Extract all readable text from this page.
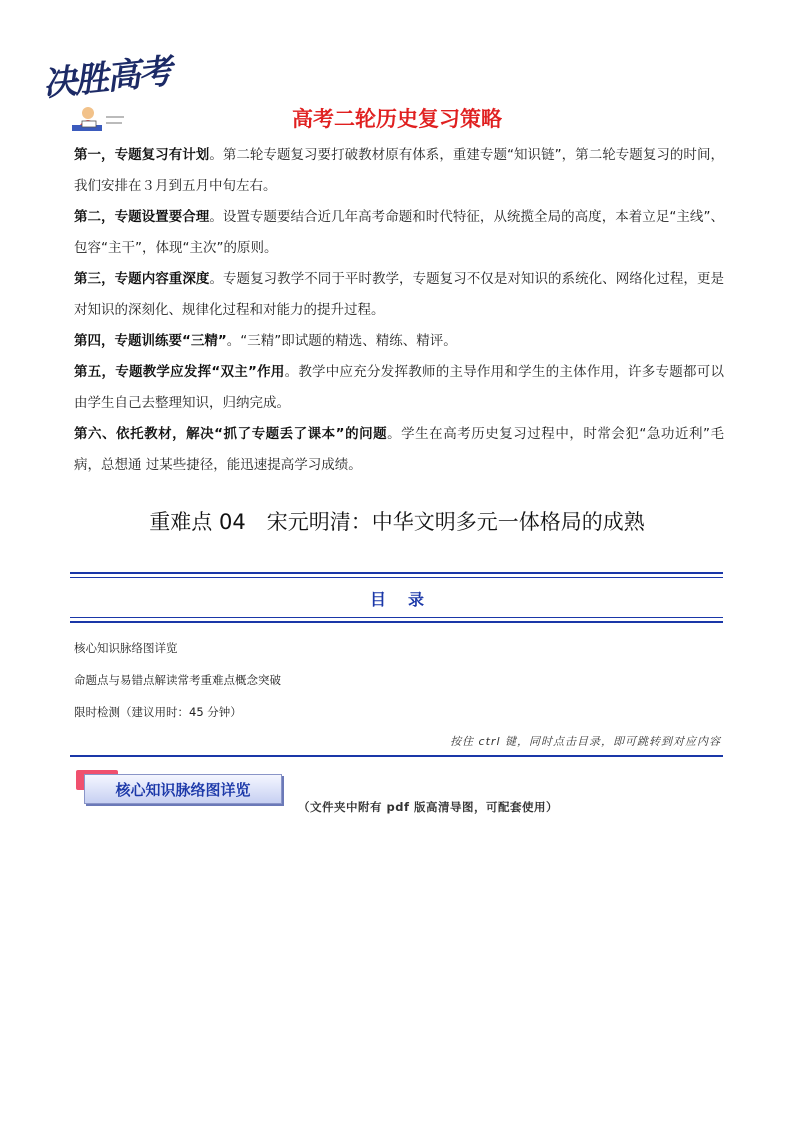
决胜高考
高考二轮历史复习策略

第一，专题复习有计划。第二轮专题复习要打破教材原有体系，重建专题“知识链”，第二轮专题复习的时间，我们安排在３月到五月中旬左右。

第二，专题设置要合理。设置专题要结合近几年高考命题和时代特征，从统揽全局的高度，本着立足“主线”、包容“主干”，体现“主次”的原则。

第三，专题内容重深度。专题复习教学不同于平时教学，专题复习不仅是对知识的系统化、网络化过程，更是对知识的深刻化、规律化过程和对能力的提升过程。

第四，专题训练要“三精”。“三精”即试题的精选、精练、精评。

第五，专题教学应发挥“双主”作用。教学中应充分发挥教师的主导作用和学生的主体作用，许多专题都可以由学生自己去整理知识，归纳完成。

第六、依托教材，解决“抓了专题丢了课本”的问题。学生在高考历史复习过程中，时常会犯“急功近利”毛病，总想通 过某些捷径，能迅速提高学习成绩。

重难点 04　宋元明清：中华文明多元一体格局的成熟
目录
核心知识脉络图详览
命题点与易错点解读常考重难点概念突破
限时检测（建议用时：45 分钟）
按住 ctrl 键，同时点击目录，即可跳转到对应内容
核心知识脉络图详览
（文件夹中附有 pdf 版高清导图，可配套使用）
